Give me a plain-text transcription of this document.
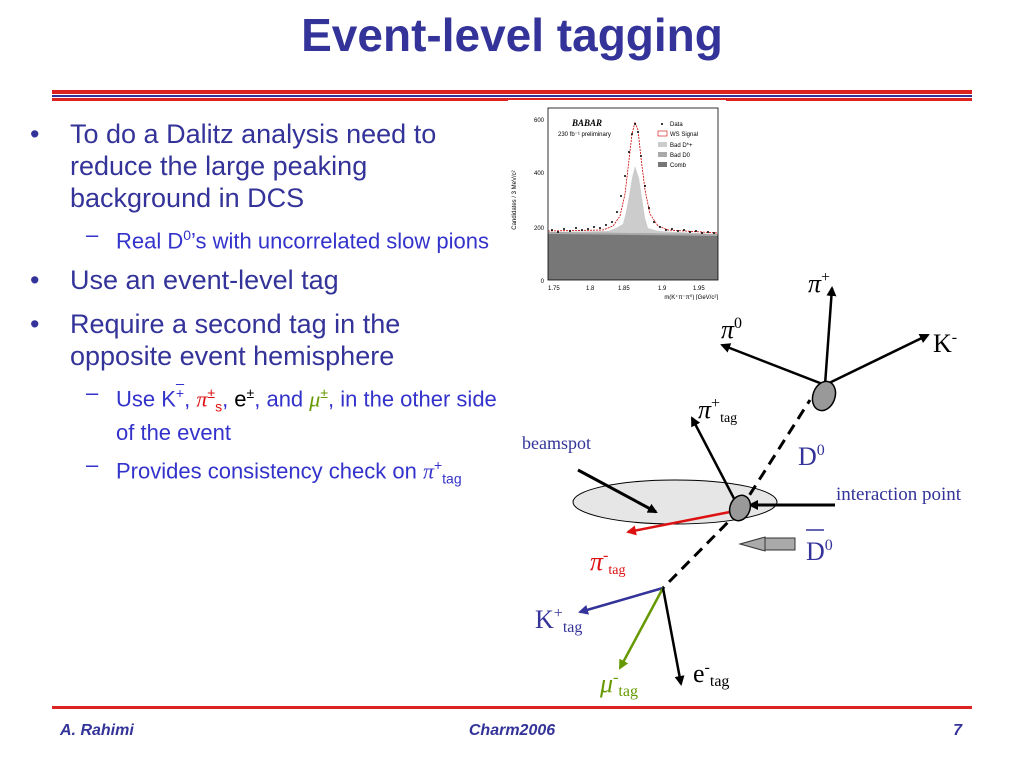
Event-level tagging
• To do a Dalitz analysis need to reduce the large peaking background in DCS
– Real $D^0’s$ with uncorrelated slow pions
• Use an event-level tag
• Require a second tag in the opposite event hemisphere
– Use K+, $\pi^\pm_s$, e±, and μ±, in the other side of the event
– Provides consistency check on $\pi^+_{tag}$
Candidates / 3 MeV/c²
600
400
200
0
BABAR
230 fb⁻¹ preliminary
Data
WS Signal
Bad D*+
Bad D0
Comb
1.75	1.8	1.85	1.9	1.95
m(K⁺π⁻π⁰) [GeV/c²]	π+
$\pi^0$
K-
$\pi^+_{tag}$
beamspot	$D^0$
interaction point
$D^0$
$\pi^-_{tag}$
$K^+_{tag}$
$\mu^-_{tag}$
$e^-_{tag}$
A. Rahimi	Charm2006	7
